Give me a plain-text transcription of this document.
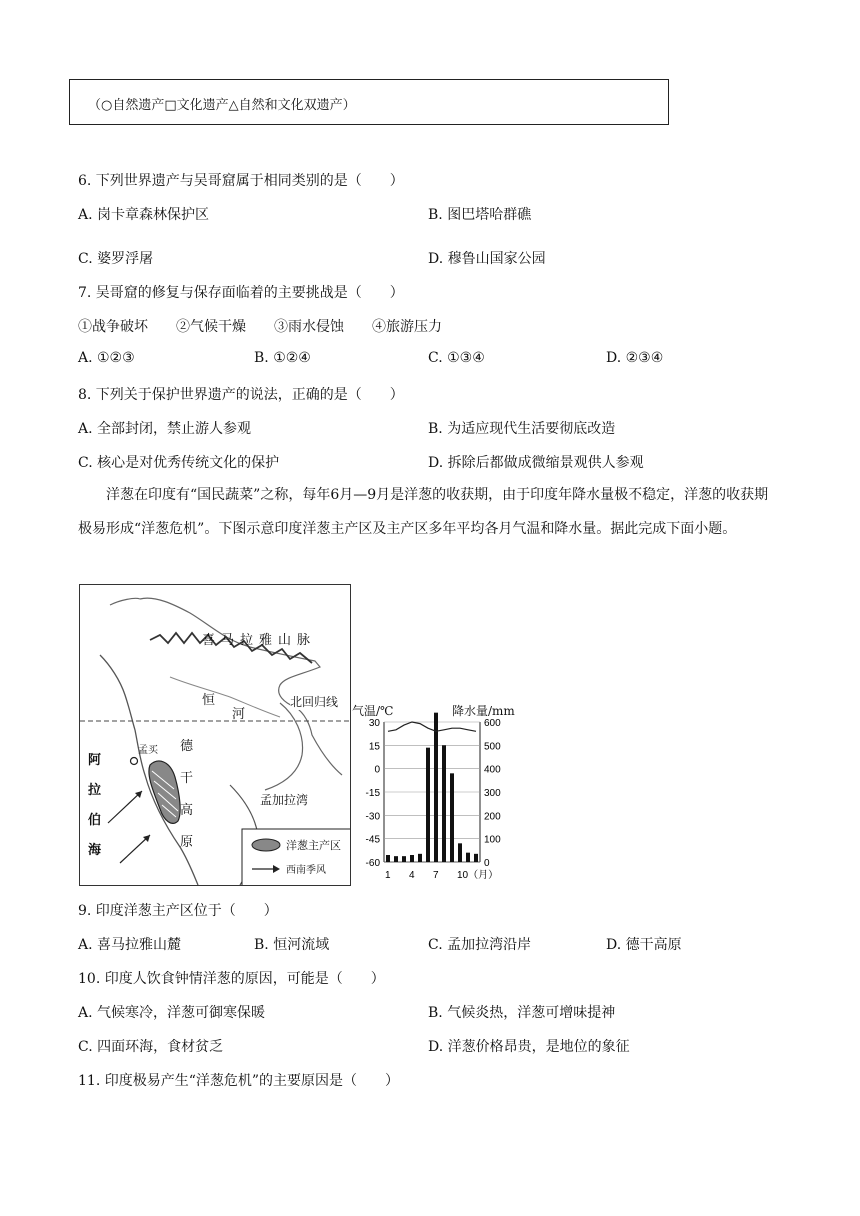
（○自然遗产□文化遗产△自然和文化双遗产）
6. 下列世界遗产与吴哥窟属于相同类别的是（　　）
A. 岗卡章森林保护区	B. 图巴塔哈群礁
C. 婆罗浮屠	D. 穆鲁山国家公园
7. 吴哥窟的修复与保存面临着的主要挑战是（　　）
①战争破坏　　②气候干燥　　③雨水侵蚀　　④旅游压力
A. ①②③	B. ①②④	C. ①③④	D. ②③④
8. 下列关于保护世界遗产的说法，正确的是（　　）
A. 全部封闭，禁止游人参观	B. 为适应现代生活要彻底改造
C. 核心是对优秀传统文化的保护	D. 拆除后都做成微缩景观供人参观
洋葱在印度有“国民蔬菜”之称，每年6月—9月是洋葱的收获期，由于印度年降水量极不稳定，洋葱的收获期极易形成“洋葱危机”。下图示意印度洋葱主产区及主产区多年平均各月气温和降水量。据此完成下面小题。
喜马拉雅山脉
恒
河
北回归线
孟买 德
干
高
原
阿
拉
伯
海
孟加拉湾
洋葱主产区
西南季风
气温/℃	降水量/mm
30
15
0
-15
-30
-45
-60
600
500
400
300
200
100
0
1 4 7 10（月）
9. 印度洋葱主产区位于（　　）
A. 喜马拉雅山麓	B. 恒河流域	C. 孟加拉湾沿岸	D. 德干高原
10. 印度人饮食钟情洋葱的原因，可能是（　　）
A. 气候寒冷，洋葱可御寒保暖	B. 气候炎热，洋葱可增味提神
C. 四面环海，食材贫乏	D. 洋葱价格昂贵，是地位的象征
11. 印度极易产生“洋葱危机”的主要原因是（　　）
